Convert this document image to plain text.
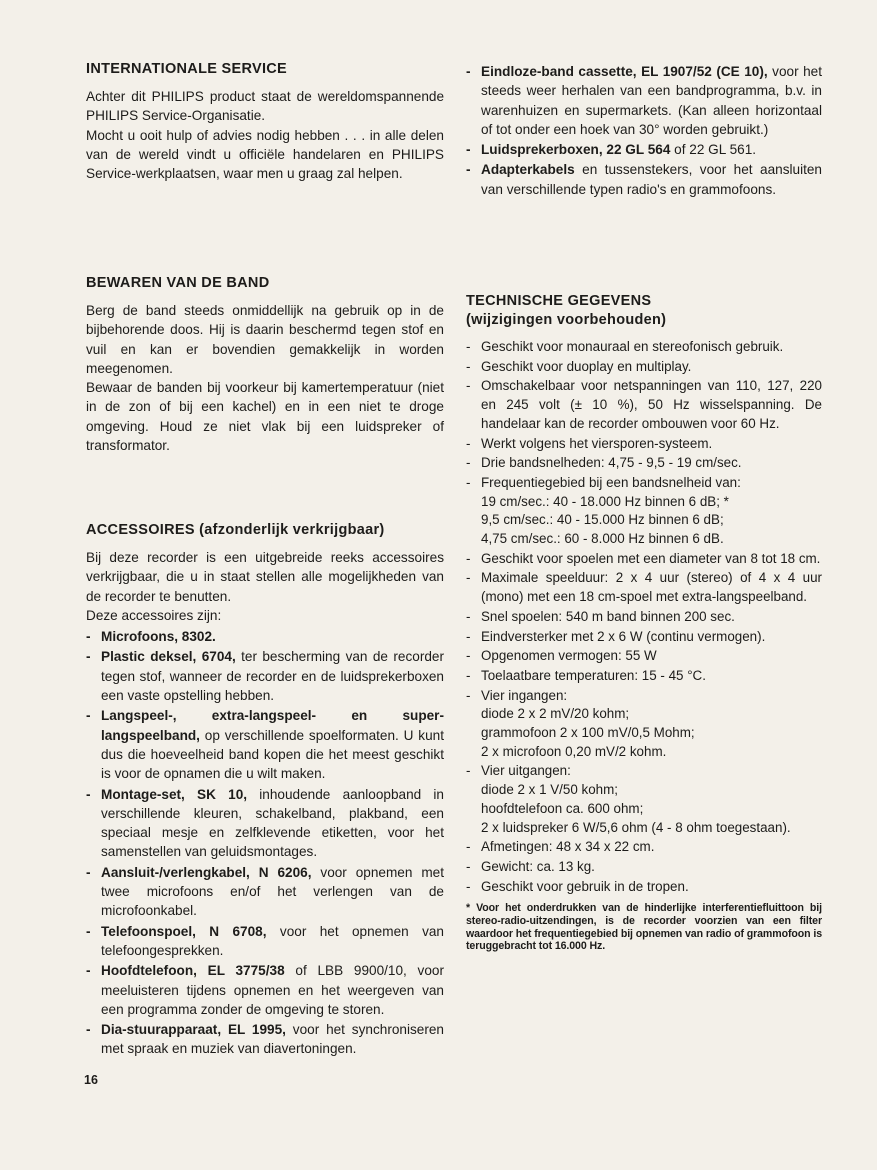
INTERNATIONALE SERVICE

Achter dit PHILIPS product staat de wereldomspannende PHILIPS Service-Organisatie.

Mocht u ooit hulp of advies nodig hebben . . . in alle delen van de wereld vindt u officiële handelaren en PHILIPS Service-werkplaatsen, waar men u graag zal helpen.

BEWAREN VAN DE BAND

Berg de band steeds onmiddellijk na gebruik op in de bijbehorende doos. Hij is daarin beschermd tegen stof en vuil en kan er bovendien gemakkelijk in worden meegenomen.

Bewaar de banden bij voorkeur bij kamertemperatuur (niet in de zon of bij een kachel) en in een niet te droge omgeving. Houd ze niet vlak bij een luidspreker of transformator.

ACCESSOIRES (afzonderlijk verkrijgbaar)

Bij deze recorder is een uitgebreide reeks accessoires verkrijgbaar, die u in staat stellen alle mogelijkheden van de recorder te benutten.

Deze accessoires zijn:

- Microfoons, 8302.
- Plastic deksel, 6704, ter bescherming van de recorder tegen stof, wanneer de recorder en de luidsprekerboxen een vaste opstelling hebben.
- Langspeel-, extra-langspeel- en super-langspeelband, op verschillende spoelformaten. U kunt dus die hoeveelheid band kopen die het meest geschikt is voor de opnamen die u wilt maken.
- Montage-set, SK 10, inhoudende aanloopband in verschillende kleuren, schakelband, plakband, een speciaal mesje en zelfklevende etiketten, voor het samenstellen van geluidsmontages.
- Aansluit-/verlengkabel, N 6206, voor opnemen met twee microfoons en/of het verlengen van de microfoonkabel.
- Telefoonspoel, N 6708, voor het opnemen van telefoongesprekken.
- Hoofdtelefoon, EL 3775/38 of LBB 9900/10, voor meeluisteren tijdens opnemen en het weergeven van een programma zonder de omgeving te storen.
- Dia-stuurapparaat, EL 1995, voor het synchroniseren met spraak en muziek van diavertoningen.
- Eindloze-band cassette, EL 1907/52 (CE 10), voor het steeds weer herhalen van een bandprogramma, b.v. in warenhuizen en supermarkets. (Kan alleen horizontaal of tot onder een hoek van 30° worden gebruikt.)
- Luidsprekerboxen, 22 GL 564 of 22 GL 561.
- Adapterkabels en tussenstekers, voor het aansluiten van verschillende typen radio's en grammofoons.
TECHNISCHE GEGEVENS
(wijzigingen voorbehouden)
- Geschikt voor monauraal en stereofonisch gebruik.
- Geschikt voor duoplay en multiplay.
- Omschakelbaar voor netspanningen van 110, 127, 220 en 245 volt (± 10 %), 50 Hz wisselspanning. De handelaar kan de recorder ombouwen voor 60 Hz.
- Werkt volgens het viersporen-systeem.
- Drie bandsnelheden: 4,75 - 9,5 - 19 cm/sec.
- Frequentiegebied bij een bandsnelheid van:
19 cm/sec.: 40 - 18.000 Hz binnen 6 dB; *
9,5 cm/sec.: 40 - 15.000 Hz binnen 6 dB;
4,75 cm/sec.: 60 - 8.000 Hz binnen 6 dB.
- Geschikt voor spoelen met een diameter van 8 tot 18 cm.
- Maximale speelduur: 2 x 4 uur (stereo) of 4 x 4 uur (mono) met een 18 cm-spoel met extra-langspeelband.
- Snel spoelen: 540 m band binnen 200 sec.
- Eindversterker met 2 x 6 W (continu vermogen).
- Opgenomen vermogen: 55 W
- Toelaatbare temperaturen: 15 - 45 °C.
- Vier ingangen:
diode 2 x 2 mV/20 kohm;
grammofoon 2 x 100 mV/0,5 Mohm;
2 x microfoon 0,20 mV/2 kohm.
- Vier uitgangen:
diode 2 x 1 V/50 kohm;
hoofdtelefoon ca. 600 ohm;
2 x luidspreker 6 W/5,6 ohm (4 - 8 ohm toegestaan).
- Afmetingen: 48 x 34 x 22 cm.
- Gewicht: ca. 13 kg.
- Geschikt voor gebruik in de tropen.
* Voor het onderdrukken van de hinderlijke interferentiefluittoon bij stereo-radio-uitzendingen, is de recorder voorzien van een filter waardoor het frequentiegebied bij opnemen van radio of grammofoon is teruggebracht tot 16.000 Hz.
16
